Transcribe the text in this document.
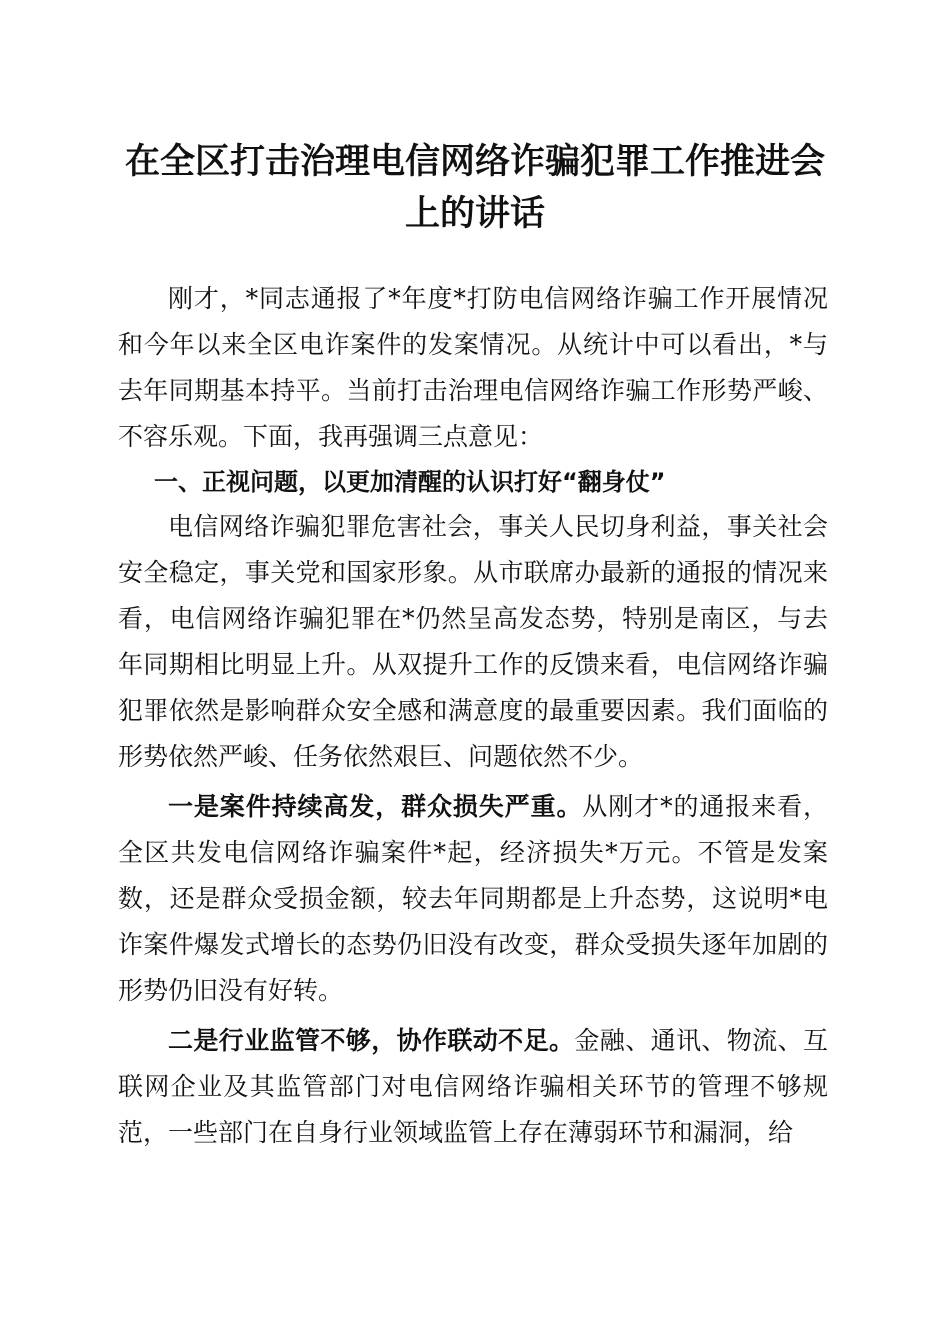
在全区打击治理电信网络诈骗犯罪工作推进会
上的讲话

刚才，*同志通报了*年度*打防电信网络诈骗工作开展情况和今年以来全区电诈案件的发案情况。从统计中可以看出，*与去年同期基本持平。当前打击治理电信网络诈骗工作形势严峻、不容乐观。下面，我再强调三点意见：

一、正视问题，以更加清醒的认识打好“翻身仗”

电信网络诈骗犯罪危害社会，事关人民切身利益，事关社会安全稳定，事关党和国家形象。从市联席办最新的通报的情况来看，电信网络诈骗犯罪在*仍然呈高发态势，特别是南区，与去年同期相比明显上升。从双提升工作的反馈来看，电信网络诈骗犯罪依然是影响群众安全感和满意度的最重要因素。我们面临的形势依然严峻、任务依然艰巨、问题依然不少。

一是案件持续高发，群众损失严重。从刚才*的通报来看，全区共发电信网络诈骗案件*起，经济损失*万元。不管是发案数，还是群众受损金额，较去年同期都是上升态势，这说明*电诈案件爆发式增长的态势仍旧没有改变，群众受损失逐年加剧的形势仍旧没有好转。

二是行业监管不够，协作联动不足。金融、通讯、物流、互联网企业及其监管部门对电信网络诈骗相关环节的管理不够规范，一些部门在自身行业领域监管上存在薄弱环节和漏洞，给
